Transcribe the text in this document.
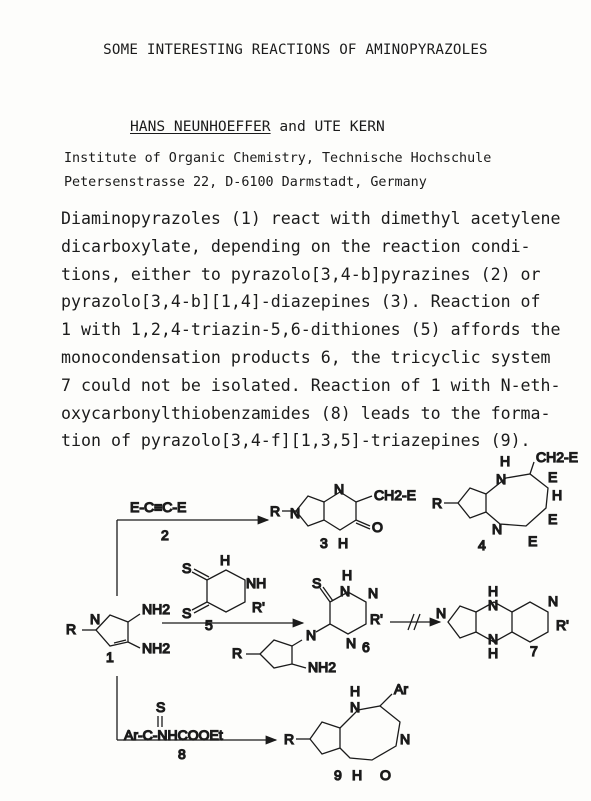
SOME INTERESTING REACTIONS OF AMINOPYRAZOLES
HANS NEUNHOEFFER and UTE KERN
Institute of Organic Chemistry, Technische Hochschule
Petersenstrasse 22, D-6100 Darmstadt, Germany
Diaminopyrazoles (1) react with dimethyl acetylene
dicarboxylate, depending on the reaction condi-
tions, either to pyrazolo[3,4-b]pyrazines (2) or
pyrazolo[3,4-b][1,4]-diazepines (3). Reaction of
1 with 1,2,4-triazin-5,6-dithiones (5) affords the
monocondensation products 6, the tricyclic system
7 could not be isolated. Reaction of 1 with N-eth-
oxycarbonylthiobenzamides (8) leads to the forma-
tion of pyrazolo[3,4-f][1,3,5]-triazepines (9).
R
N
NH2
NH2
1
E-C≡C-E
2
S
S
H
NH
R'
5
S
Ar-C-NHCOOEt
8
R
CH2-E
O
N
N
3 H
R
CH2-E
E
H
E
E
H
N
N
4
S H
N N
R'
N
N
R
NH2
6
N
H
N
N
H
N
R'
7
R
H
N
Ar
N
O
9 H
